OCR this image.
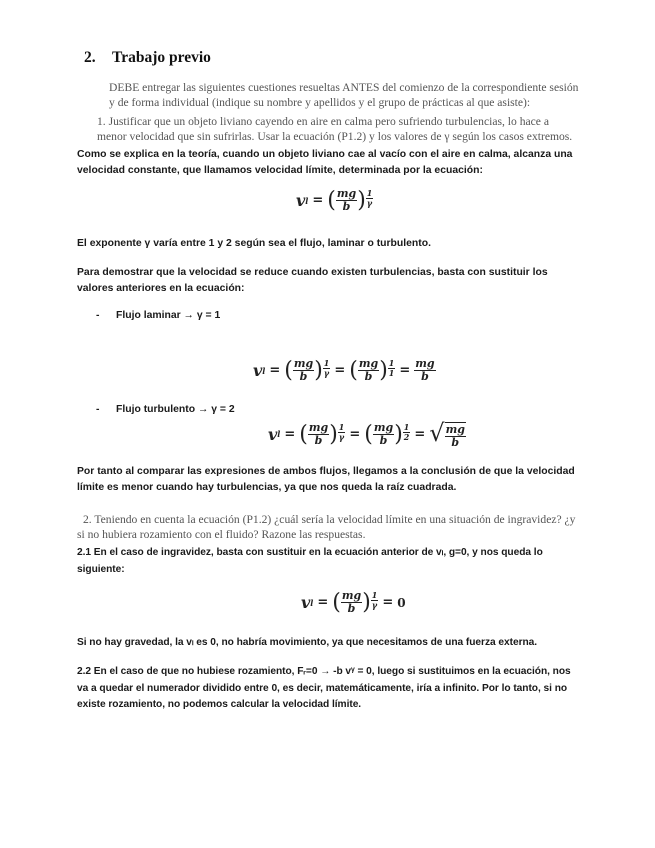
2. Trabajo previo
DEBE entregar las siguientes cuestiones resueltas ANTES del comienzo de la correspondiente sesión y de forma individual (indique su nombre y apellidos y el grupo de prácticas al que asiste):
1. Justificar que un objeto liviano cayendo en aire en calma pero sufriendo turbulencias, lo hace a menor velocidad que sin sufrirlas. Usar la ecuación (P1.2) y los valores de γ según los casos extremos.
Como se explica en la teoría, cuando un objeto liviano cae al vacío con el aire en calma, alcanza una velocidad constante, que llamamos velocidad límite, determinada por la ecuación:
v l = ( $\frac{mg}{b}$ ) $\frac{1}{\gamma}$
El exponente γ varía entre 1 y 2 según sea el flujo, laminar o turbulento.
Para demostrar que la velocidad se reduce cuando existen turbulencias, basta con sustituir los valores anteriores en la ecuación:
- Flujo laminar → γ = 1
v l = ( $\frac{mg}{b}$ ) $\frac{1}{\gamma}$ = ( $\frac{mg}{b}$ ) $\frac{1}{1} = \frac{mg}{b}$
- Flujo turbulento → γ = 2
v l = ( $\frac{mg}{b}$ ) $\frac{1}{\gamma}$ = ( $\frac{mg}{b}$ ) $\frac{1}{2}$ = √ $\frac{mg}{b}$
Por tanto al comparar las expresiones de ambos flujos, llegamos a la conclusión de que la velocidad límite es menor cuando hay turbulencias, ya que nos queda la raíz cuadrada.
2. Teniendo en cuenta la ecuación (P1.2) ¿cuál sería la velocidad límite en una situación de ingravidez? ¿y si no hubiera rozamiento con el fluido? Razone las respuestas.
2.1 En el caso de ingravidez, basta con sustituir en la ecuación anterior de vₗ, g=0, y nos queda lo siguiente:
v l = ( $\frac{mg}{b}$ ) $\frac{1}{\gamma} = 0$
Si no hay gravedad, la vₗ es 0, no habría movimiento, ya que necesitamos de una fuerza externa.
2.2 En el caso de que no hubiese rozamiento, Fᵣ=0 → -b vᵞ = 0, luego si sustituimos en la ecuación, nos va a quedar el numerador dividido entre 0, es decir, matemáticamente, iría a infinito. Por lo tanto, si no existe rozamiento, no podemos calcular la velocidad límite.
